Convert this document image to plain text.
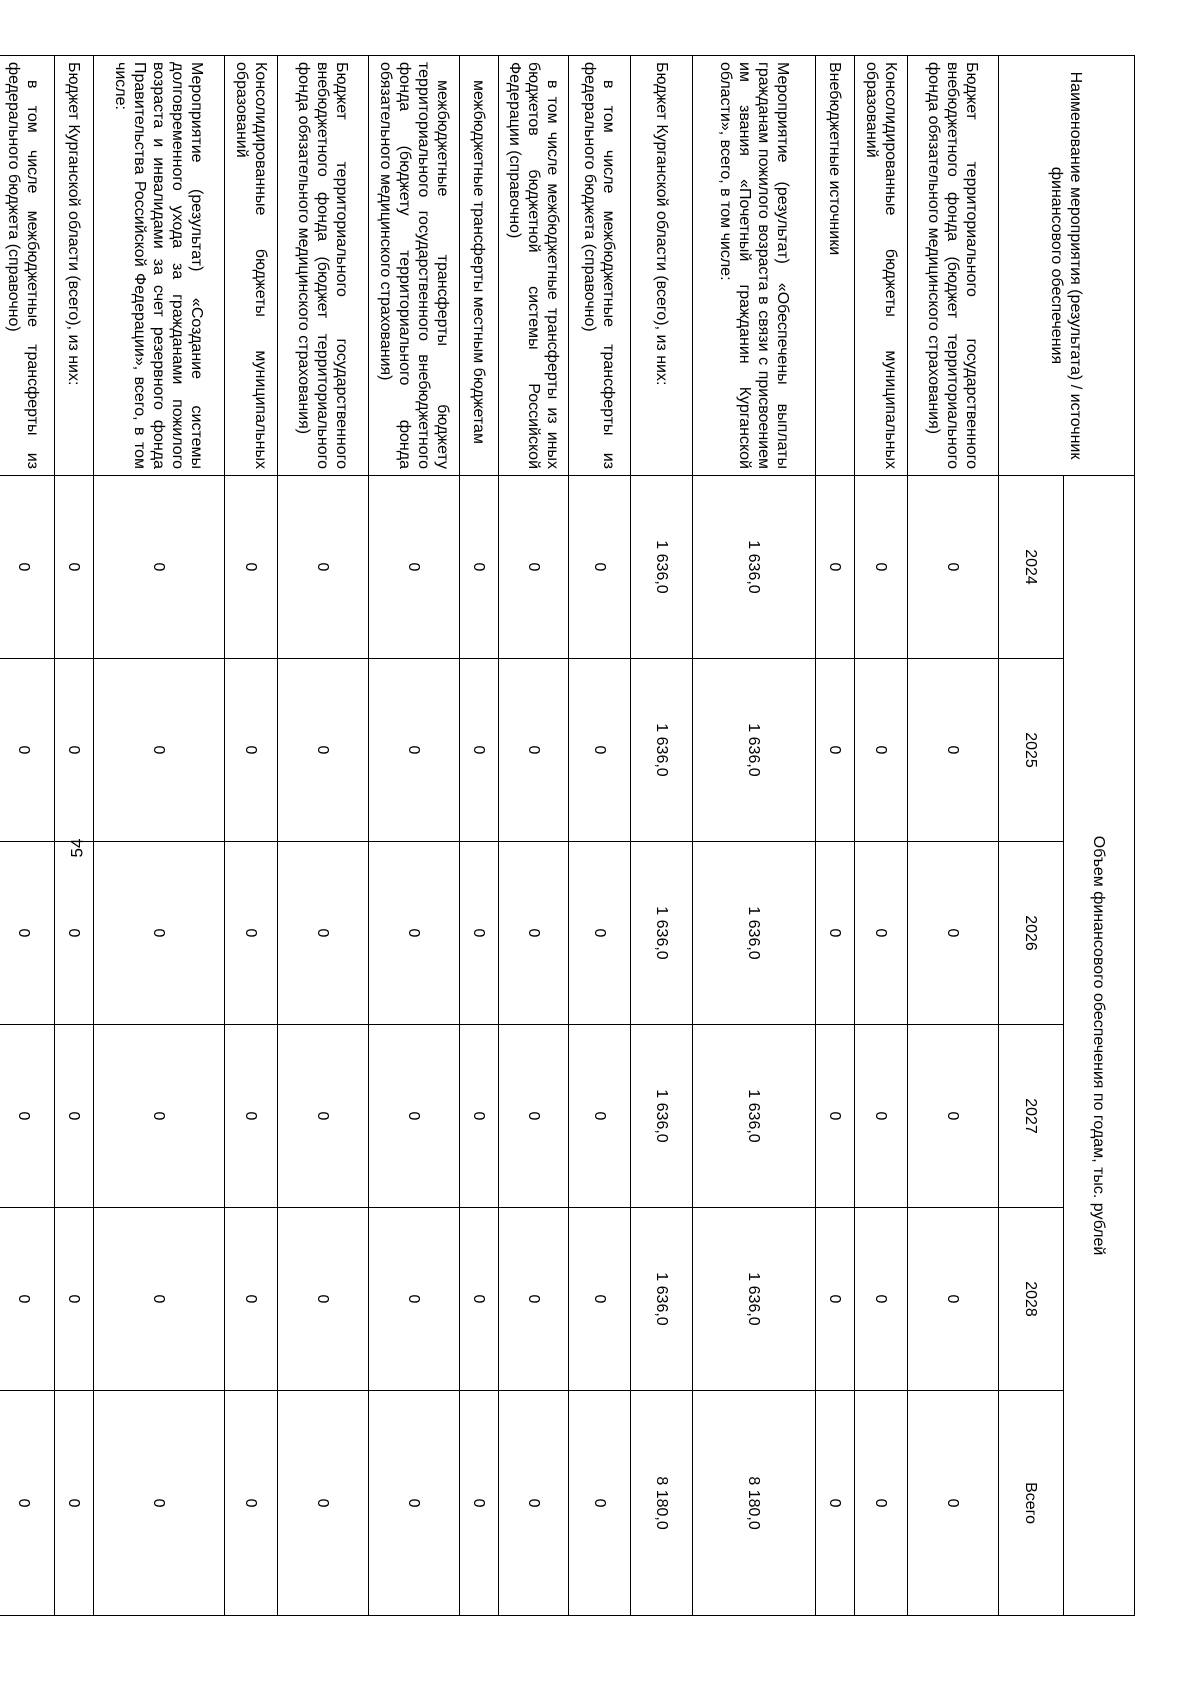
54
Наименование мероприятия (результата) / источник финансового обеспечения	Объем финансового обеспечения по годам, тыс. рублей					
	2024	2025	2026	2027	2028	Всего
Бюджет территориального государственного внебюджетного фонда (бюджет территориального фонда обязательного медицинского страхования)	0	0	0	0	0	0
Консолидированные бюджеты муниципальных образований	0	0	0	0	0	0
Внебюджетные источники	0	0	0	0	0	0
Мероприятие (результат) «Обеспечены выплаты гражданам пожилого возраста в связи с присвоением им звания «Почетный гражданин Курганской области», всего, в том числе:	1 636,0	1 636,0	1 636,0	1 636,0	1 636,0	8 180,0
Бюджет Курганской области (всего), из них:	1 636,0	1 636,0	1 636,0	1 636,0	1 636,0	8 180,0
в том числе межбюджетные трансферты из федерального бюджета (справочно)	0	0	0	0	0	0
в том числе межбюджетные трансферты из иных бюджетов бюджетной системы Российской Федерации (справочно)	0	0	0	0	0	0
межбюджетные трансферты местным бюджетам	0	0	0	0	0	0
межбюджетные трансферты бюджету территориального государственного внебюджетного фонда (бюджету территориального фонда обязательного медицинского страхования)	0	0	0	0	0	0
Бюджет территориального государственного внебюджетного фонда (бюджет территориального фонда обязательного медицинского страхования)	0	0	0	0	0	0
Консолидированные бюджеты муниципальных образований	0	0	0	0	0	0
Мероприятие (результат) «Создание системы долговременного ухода за гражданами пожилого возраста и инвалидами за счет резервного фонда Правительства Российской Федерации», всего, в том числе:	0	0	0	0	0	0
Бюджет Курганской области (всего), из них:	0	0	0	0	0	0
в том числе межбюджетные трансферты из федерального бюджета (справочно)	0	0	0	0	0	0
